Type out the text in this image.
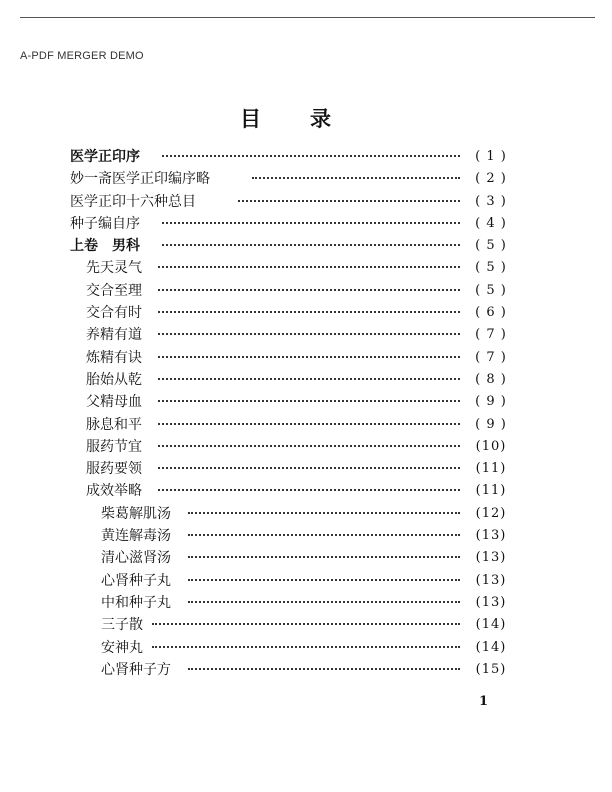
A-PDF MERGER DEMO
目 录
医学正印序	( 1 )
妙一斋医学正印编序略	( 2 )
医学正印十六种总目	( 3 )
种子编自序	( 4 )
上卷　男科	( 5 )
先天灵气	( 5 )
交合至理	( 5 )
交合有时	( 6 )
养精有道	( 7 )
炼精有诀	( 7 )
胎始从乾	( 8 )
父精母血	( 9 )
脉息和平	( 9 )
服药节宜	(10)
服药要领	(11)
成效举略	(11)
柴葛解肌汤	(12)
黄连解毒汤	(13)
清心滋肾汤	(13)
心肾种子丸	(13)
中和种子丸	(13)
三子散	(14)
安神丸	(14)
心肾种子方	(15)
1
